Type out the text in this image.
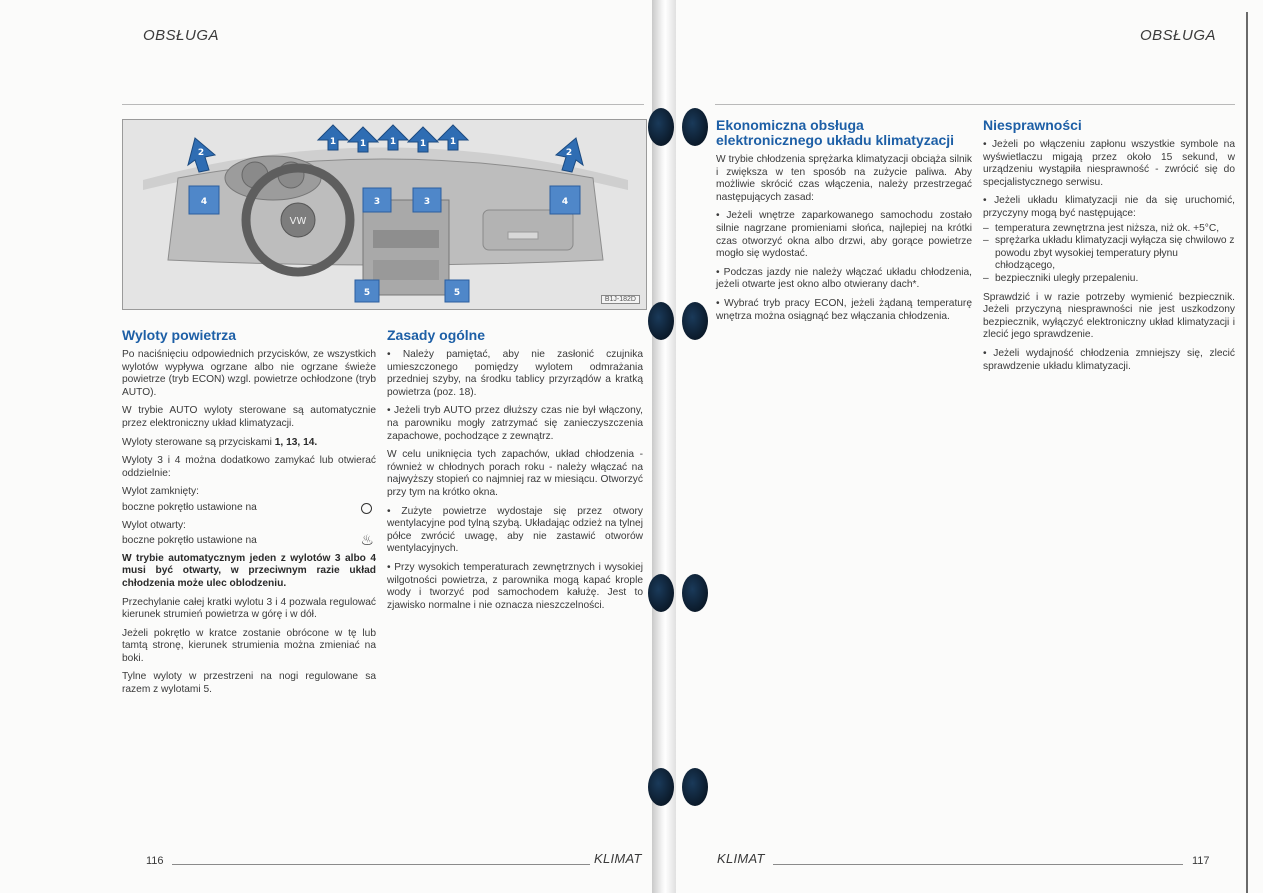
OBSŁUGA
VW
2
1	1	1	1	1
2
4	3	3	4
5	5
B1J-182D
Wyloty powietrza

Po naciśnięciu odpowiednich przycisków, ze wszystkich wylotów wypływa ogrzane albo nie ogrzane świeże powietrze (tryb ECON) wzgl. powietrze ochłodzone (tryb AUTO).

W trybie AUTO wyloty sterowane są automatycznie przez elektroniczny układ klimatyzacji.

Wyloty sterowane są przyciskami 1, 13, 14.

Wyloty 3 i 4 można dodatkowo zamykać lub otwierać oddzielnie:

Wylot zamknięty:

boczne pokrętło ustawione na

Wylot otwarty:

boczne pokrętło ustawione na	♨

W trybie automatycznym jeden z wylotów 3 albo 4 musi być otwarty, w przeciwnym razie układ chłodzenia może ulec oblodzeniu.

Przechylanie całej kratki wylotu 3 i 4 pozwala regulować kierunek strumień powietrza w górę i w dół.

Jeżeli pokrętło w kratce zostanie obrócone w tę lub tamtą stronę, kierunek strumienia można zmieniać na boki.

Tylne wyloty w przestrzeni na nogi regulowane sa razem z wylotami 5.

Zasady ogólne

• Należy pamiętać, aby nie zasłonić czujnika umieszczonego pomiędzy wylotem odmrażania przedniej szyby, na środku tablicy przyrządów a kratką powietrza (poz. 18).

• Jeżeli tryb AUTO przez dłuższy czas nie był włączony, na parowniku mogły zatrzymać się zanieczyszczenia zapachowe, pochodzące z zewnątrz.

W celu uniknięcia tych zapachów, układ chłodzenia - również w chłodnych porach roku - należy włączać na najwyższy stopień co najmniej raz w miesiącu. Otworzyć przy tym na krótko okna.

• Zużyte powietrze wydostaje się przez otwory wentylacyjne pod tylną szybą. Układając odzież na tylnej półce zwrócić uwagę, aby nie zastawić otworów wentylacyjnych.

• Przy wysokich temperaturach zewnętrznych i wysokiej wilgotności powietrza, z parownika mogą kapać krople wody i tworzyć pod samochodem kałużę. Jest to zjawisko normalne i nie oznacza nieszczelności.

116	KLIMAT
OBSŁUGA
Ekonomiczna obsługa elektronicznego układu klimatyzacji

W trybie chłodzenia sprężarka klimatyzacji obciąża silnik i zwiększa w ten sposób na zużycie paliwa. Aby możliwie skrócić czas włączenia, należy przestrzegać następujących zasad:

• Jeżeli wnętrze zaparkowanego samochodu zostało silnie nagrzane promieniami słońca, najlepiej na krótki czas otworzyć okna albo drzwi, aby gorące powietrze mogło się wydostać.

• Podczas jazdy nie należy włączać układu chłodzenia, jeżeli otwarte jest okno albo otwierany dach*.

• Wybrać tryb pracy ECON, jeżeli żądaną temperaturę wnętrza można osiągnąć bez włączania chłodzenia.

Niesprawności

• Jeżeli po włączeniu zapłonu wszystkie symbole na wyświetlaczu migają przez około 15 sekund, w urządzeniu wystąpiła niesprawność - zwrócić się do specjalistycznego serwisu.

• Jeżeli układu klimatyzacji nie da się uruchomić, przyczyny mogą być następujące:

– temperatura zewnętrzna jest niższa, niż ok. +5°C,
– sprężarka układu klimatyzacji wyłącza się chwilowo z powodu zbyt wysokiej temperatury płynu chłodzącego,
– bezpieczniki uległy przepaleniu.

Sprawdzić i w razie potrzeby wymienić bezpiecznik. Jeżeli przyczyną niesprawności nie jest uszkodzony bezpiecznik, wyłączyć elektroniczny układ klimatyzacji i zlecić jego sprawdzenie.

• Jeżeli wydajność chłodzenia zmniejszy się, zlecić sprawdzenie układu klimatyzacji.

KLIMAT	117
